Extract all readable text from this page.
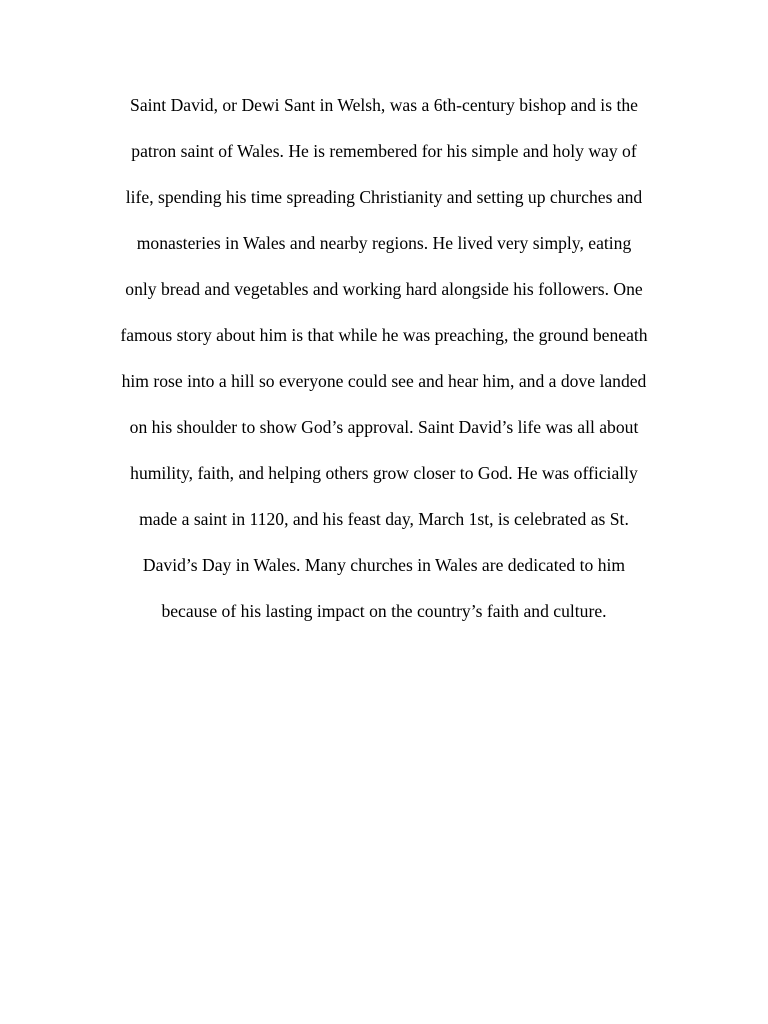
Saint David, or Dewi Sant in Welsh, was a 6th-century bishop and is the
patron saint of Wales. He is remembered for his simple and holy way of
life, spending his time spreading Christianity and setting up churches and
monasteries in Wales and nearby regions. He lived very simply, eating
only bread and vegetables and working hard alongside his followers. One
famous story about him is that while he was preaching, the ground beneath
him rose into a hill so everyone could see and hear him, and a dove landed
on his shoulder to show God’s approval. Saint David’s life was all about
humility, faith, and helping others grow closer to God. He was officially
made a saint in 1120, and his feast day, March 1st, is celebrated as St.
David’s Day in Wales. Many churches in Wales are dedicated to him
because of his lasting impact on the country’s faith and culture.
